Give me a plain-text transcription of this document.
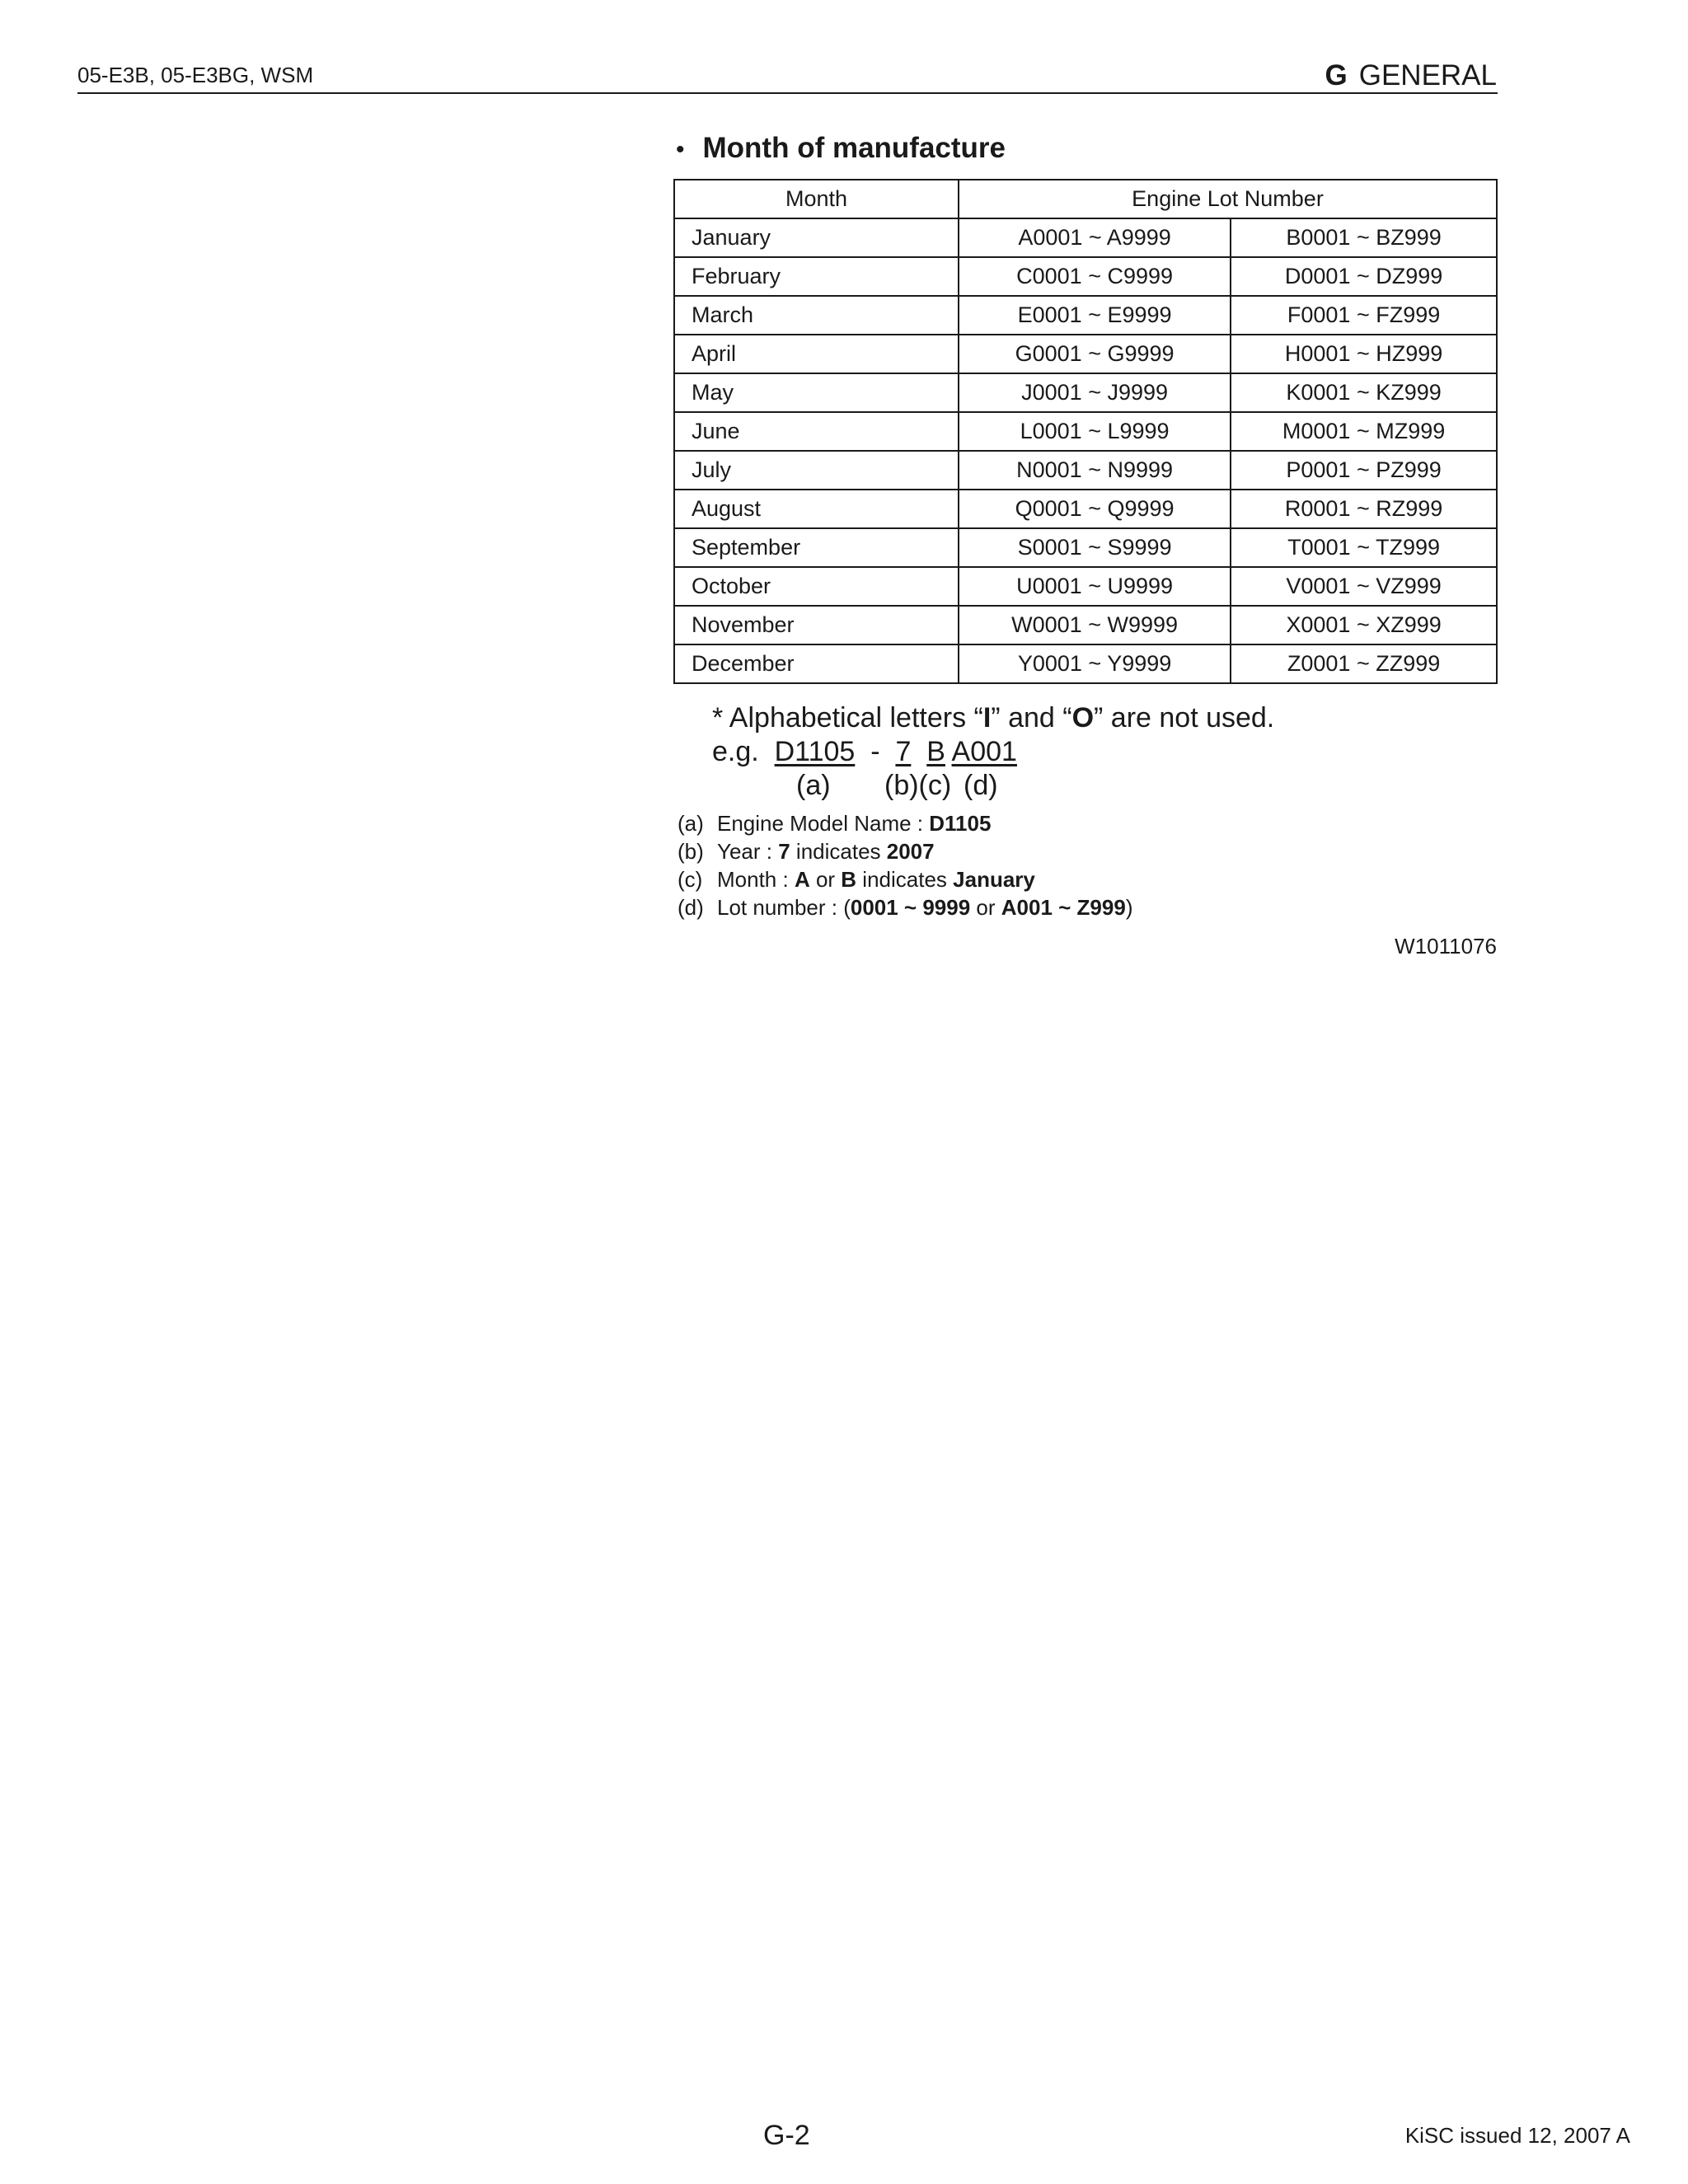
05-E3B, 05-E3BG, WSM	G GENERAL
• Month of manufacture
Month	Engine Lot Number	
January	A0001 ~ A9999	B0001 ~ BZ999
February	C0001 ~ C9999	D0001 ~ DZ999
March	E0001 ~ E9999	F0001 ~ FZ999
April	G0001 ~ G9999	H0001 ~ HZ999
May	J0001 ~ J9999	K0001 ~ KZ999
June	L0001 ~ L9999	M0001 ~ MZ999
July	N0001 ~ N9999	P0001 ~ PZ999
August	Q0001 ~ Q9999	R0001 ~ RZ999
September	S0001 ~ S9999	T0001 ~ TZ999
October	U0001 ~ U9999	V0001 ~ VZ999
November	W0001 ~ W9999	X0001 ~ XZ999
December	Y0001 ~ Y9999	Z0001 ~ ZZ999
* Alphabetical letters “I” and “O” are not used.
e.g. D1105 - 7 B A001
(a) (b)(c) (d)
(a) Engine Model Name : D1105
(b) Year : 7 indicates 2007
(c) Month : A or B indicates January
(d) Lot number : (0001 ~ 9999 or A001 ~ Z999)
W1011076
G-2	KiSC issued 12, 2007 A
